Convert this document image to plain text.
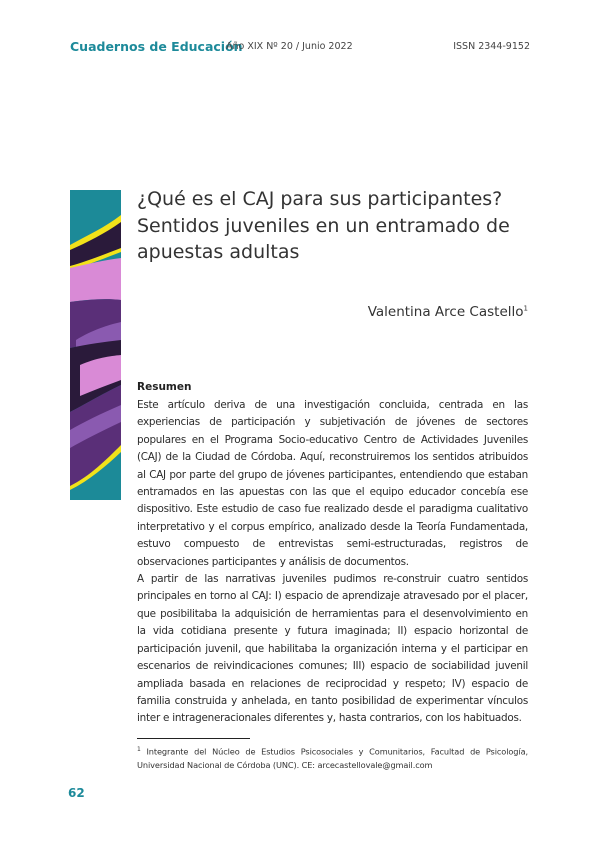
Cuadernos de Educación
Año XIX Nº 20 / Junio 2022	ISSN 2344-9152
¿Qué es el CAJ para sus participantes?
Sentidos juveniles en un entramado de
apuestas adultas
Valentina Arce Castello$^1$
Resumen

Este artículo deriva de una investigación concluida, centrada en las experiencias de participación y subjetivación de jóvenes de sectores populares en el Programa Socio-educativo Centro de Actividades Juveniles (CAJ) de la Ciudad de Córdoba. Aquí, reconstruiremos los sentidos atribuidos al CAJ por parte del grupo de jóvenes participantes, entendiendo que estaban entramados en las apuestas con las que el equipo educador concebía ese dispositivo. Este estudio de caso fue realizado desde el paradigma cualitativo interpretativo y el corpus empírico, analizado desde la Teoría Fundamentada, estuvo compuesto de entrevistas semi-estructuradas, registros de observaciones participantes y análisis de documentos.

A partir de las narrativas juveniles pudimos re-construir cuatro sentidos principales en torno al CAJ: I) espacio de aprendizaje atravesado por el placer, que posibilitaba la adquisición de herramientas para el desenvolvimiento en la vida cotidiana presente y futura imaginada; II) espacio horizontal de participación juvenil, que habilitaba la organización interna y el participar en escenarios de reivindicaciones comunes; III) espacio de sociabilidad juvenil ampliada basada en relaciones de reciprocidad y respeto; IV) espacio de familia construida y anhelada, en tanto posibilidad de experimentar vínculos inter e intrageneracionales diferentes y, hasta contrarios, con los habituados.

$^1$ Integrante del Núcleo de Estudios Psicosociales y Comunitarios, Facultad de Psicología, Universidad Nacional de Córdoba (UNC). CE: arcecastellovale@gmail.com
62
